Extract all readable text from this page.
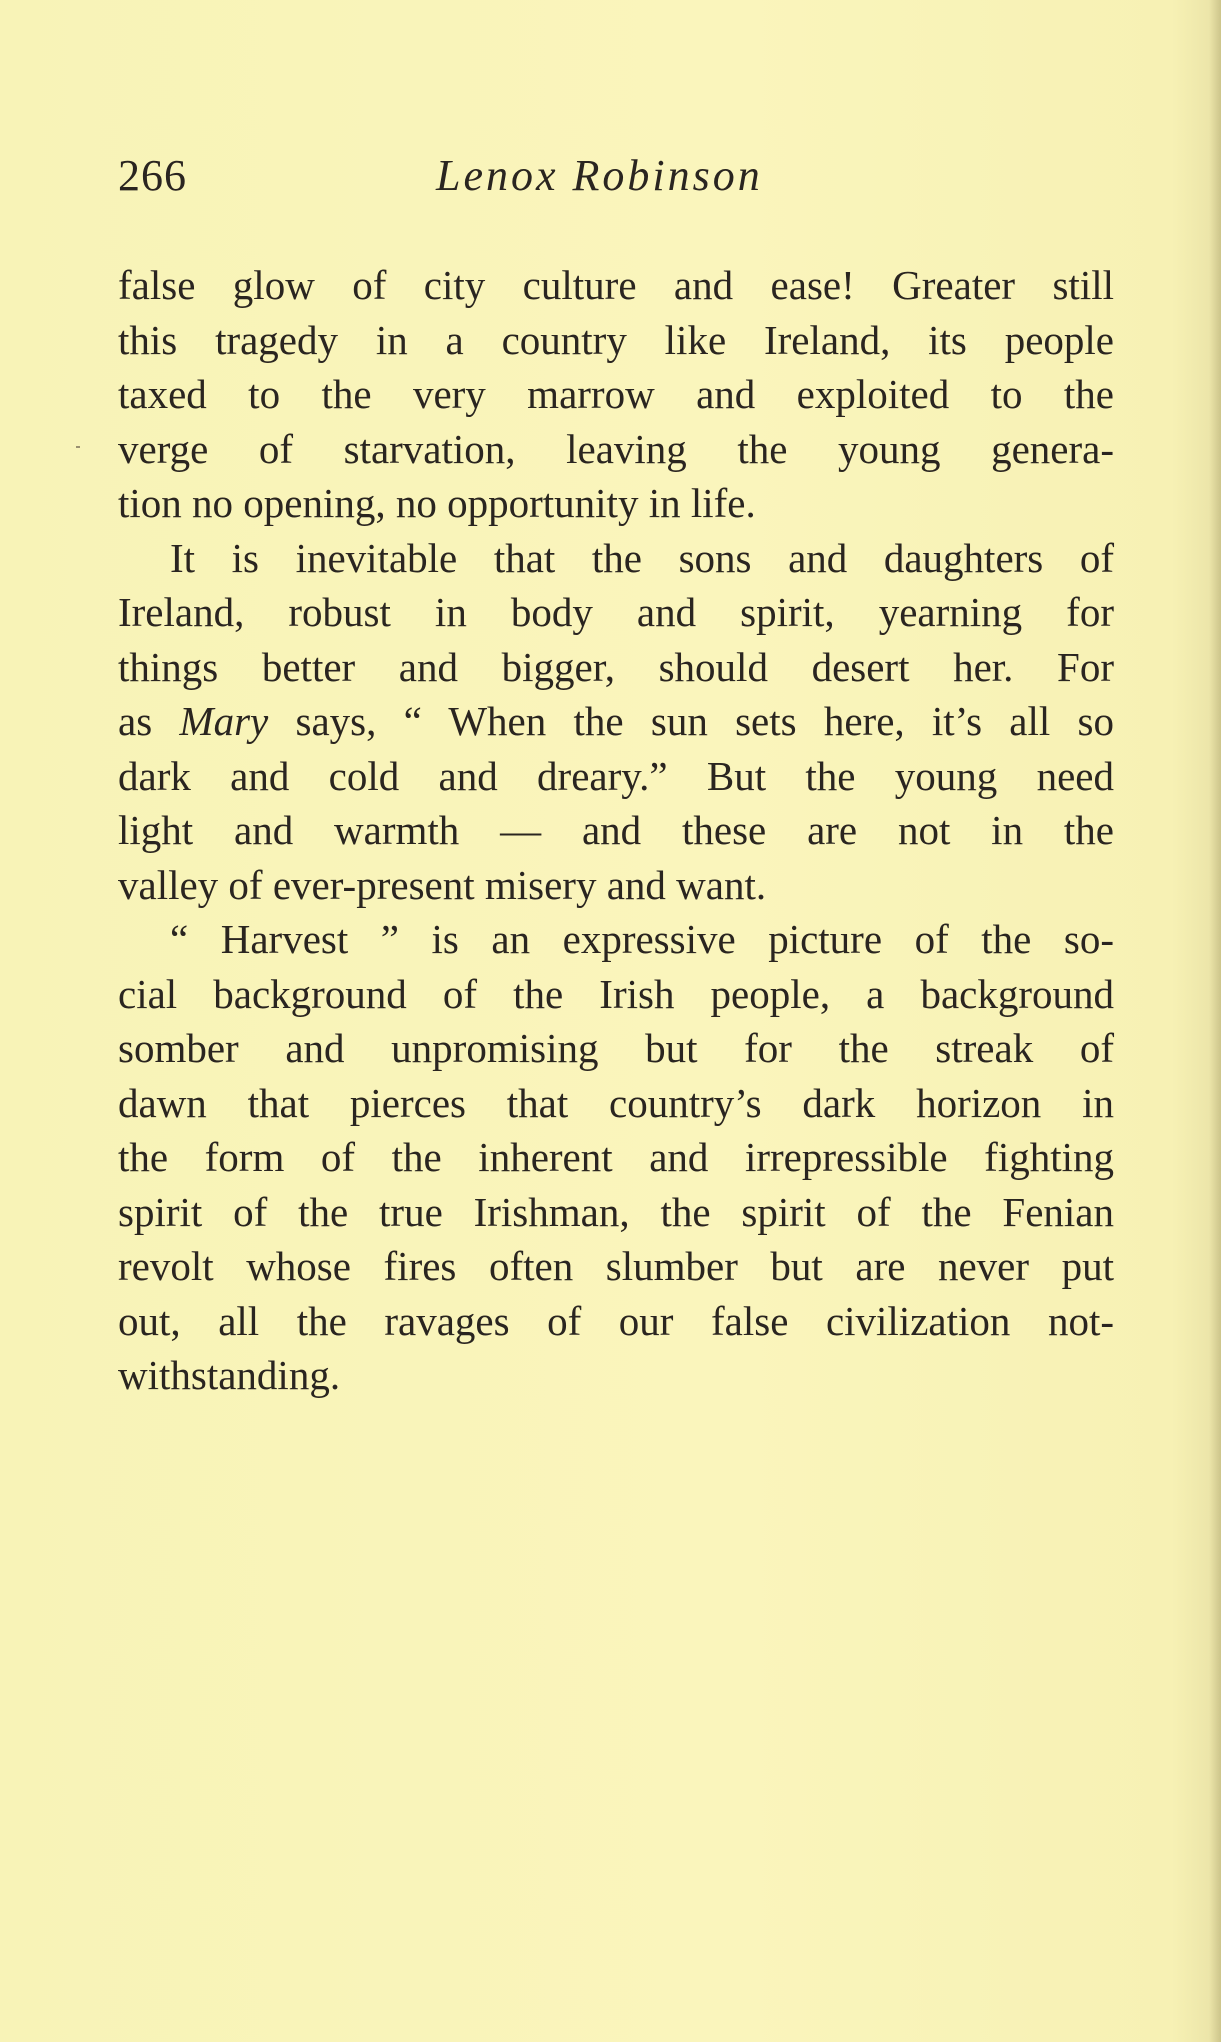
266	Lenox Robinson

false glow of city culture and ease! Greater still
this tragedy in a country like Ireland, its people
taxed to the very marrow and exploited to the
verge of starvation, leaving the young genera-
tion no opening, no opportunity in life.

It is inevitable that the sons and daughters of
Ireland, robust in body and spirit, yearning for
things better and bigger, should desert her. For
as Mary says, “ When the sun sets here, it’s all so
dark and cold and dreary.” But the young need
light and warmth — and these are not in the
valley of ever-present misery and want.

“ Harvest ” is an expressive picture of the so-
cial background of the Irish people, a background
somber and unpromising but for the streak of
dawn that pierces that country’s dark horizon in
the form of the inherent and irrepressible fighting
spirit of the true Irishman, the spirit of the Fenian
revolt whose fires often slumber but are never put
out, all the ravages of our false civilization not-
withstanding.
